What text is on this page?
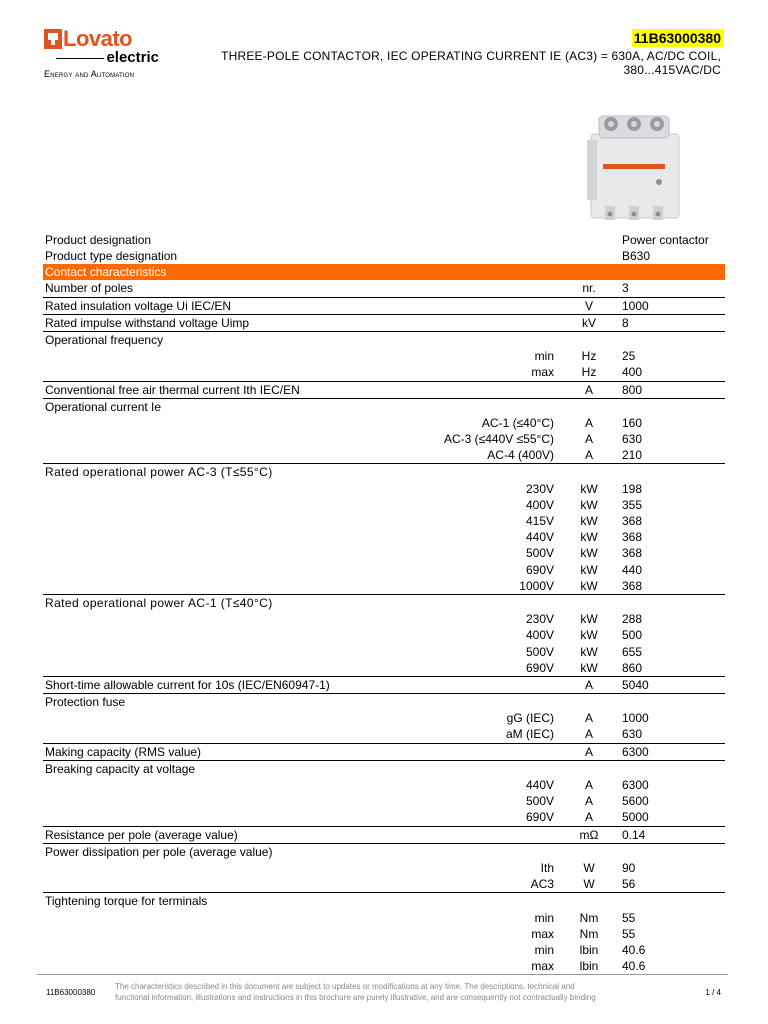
Lovato
electric
Energy and Automation
11B63000380
THREE-POLE CONTACTOR, IEC OPERATING CURRENT IE (AC3) = 630A, AC/DC COIL,
380...415VAC/DC
Product designation	Power contactor
Product type designation	B630
Contact characteristics
Number of poles	nr.	3
Rated insulation voltage Ui IEC/EN	V	1000
Rated impulse withstand voltage Uimp	kV	8
Operational frequency
min	Hz	25
max	Hz	400
Conventional free air thermal current Ith IEC/EN	A	800
Operational current Ie
AC-1 (≤40°C)	A	160
AC-3 (≤440V ≤55°C)	A	630
AC-4 (400V)	A	210
Rated operational power AC-3 (T≤55°C)
230V	kW	198
400V	kW	355
415V	kW	368
440V	kW	368
500V	kW	368
690V	kW	440
1000V	kW	368
Rated operational power AC-1 (T≤40°C)
230V	kW	288
400V	kW	500
500V	kW	655
690V	kW	860
Short-time allowable current for 10s (IEC/EN60947-1)	A	5040
Protection fuse
gG (IEC)	A	1000
aM (IEC)	A	630
Making capacity (RMS value)	A	6300
Breaking capacity at voltage
440V	A	6300
500V	A	5600
690V	A	5000
Resistance per pole (average value)	mΩ	0.14
Power dissipation per pole (average value)
Ith	W	90
AC3	W	56
Tightening torque for terminals
min	Nm	55
max	Nm	55
min	lbin	40.6
max	lbin	40.6
11B63000380
The characteristics described in this document are subject to updates or modifications at any time. The descriptions, technical and
functional information, illustrations and instructions in this brochure are purely illustrative, and are consequently not contractually binding
1 / 4
